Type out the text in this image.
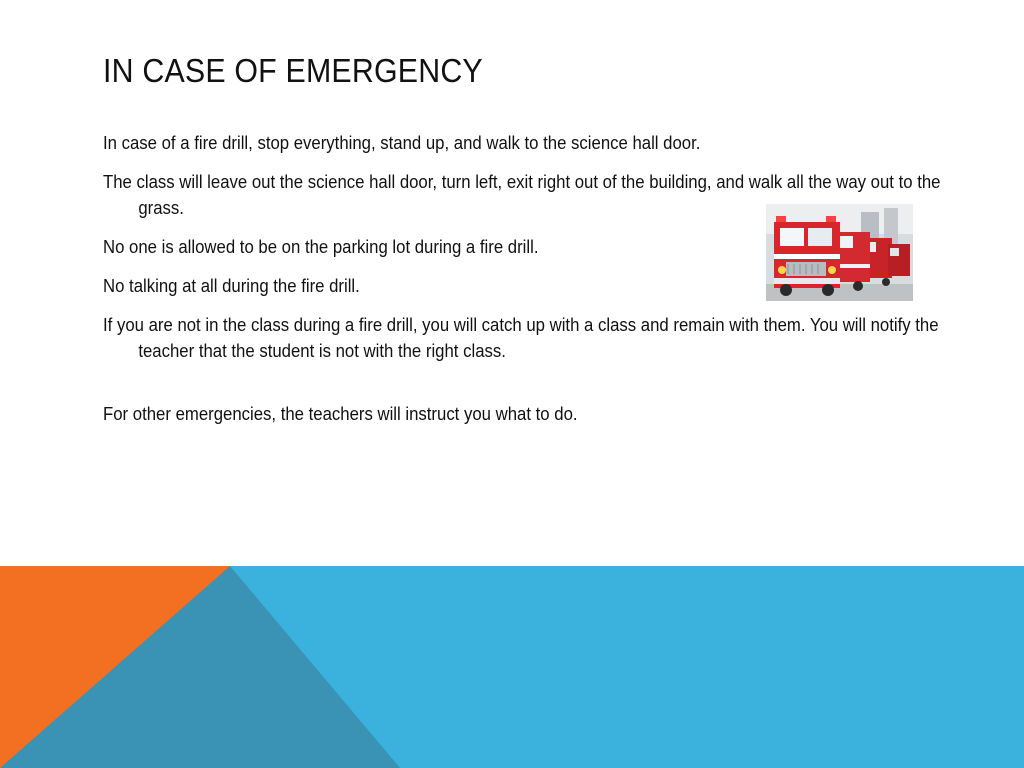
IN CASE OF EMERGENCY

In case of a fire drill, stop everything, stand up, and walk to the science hall door.

The class will leave out the science hall door, turn left, exit right out of the building, and walk all the way out to the grass.

No one is allowed to be on the parking lot during a fire drill.

No talking at all during the fire drill.

If you are not in the class during a fire drill, you will catch up with a class and remain with them. You will notify the teacher that the student is not with the right class.

For other emergencies, the teachers will instruct you what to do.
